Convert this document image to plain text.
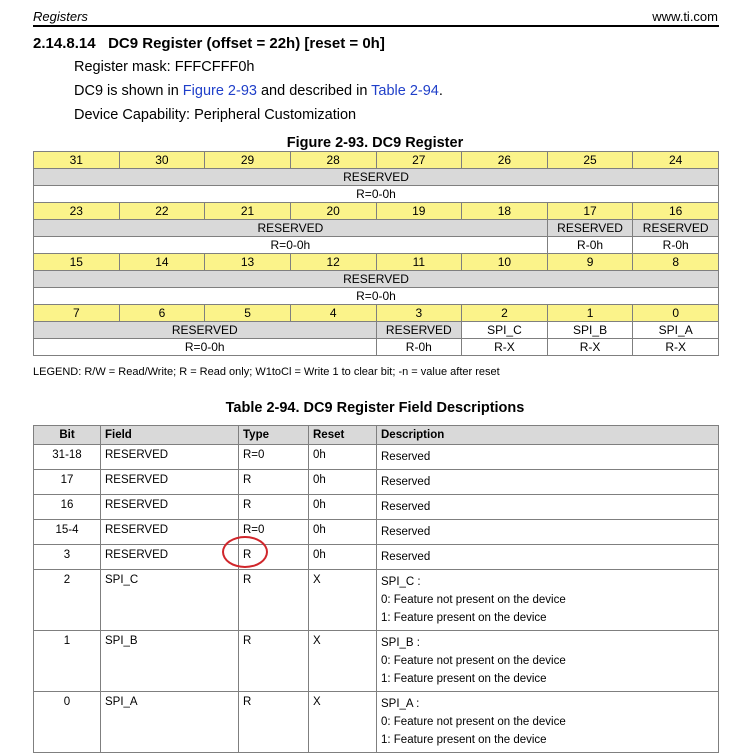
Registers	www.ti.com
2.14.8.14 DC9 Register (offset = 22h) [reset = 0h]
Register mask: FFFCFFF0h
DC9 is shown in Figure 2-93 and described in Table 2-94.
Device Capability: Peripheral Customization
Figure 2-93. DC9 Register
31	30	29	28	27	26	25	24
RESERVED							
R=0-0h							
23	22	21	20	19	18	17	16
RESERVED						RESERVED	RESERVED
R=0-0h						R-0h	R-0h
15	14	13	12	11	10	9	8
RESERVED							
R=0-0h							
7	6	5	4	3	2	1	0
RESERVED				RESERVED	SPI_C	SPI_B	SPI_A
R=0-0h				R-0h	R-X	R-X	R-X
LEGEND: R/W = Read/Write; R = Read only; W1toCl = Write 1 to clear bit; -n = value after reset
Table 2-94. DC9 Register Field Descriptions
Bit	Field	Type	Reset	Description
31-18	RESERVED	R=0	0h	Reserved

17	RESERVED	R	0h	Reserved

16	RESERVED	R	0h	Reserved

15-4	RESERVED	R=0	0h	Reserved

3	RESERVED	R	0h	Reserved

2	SPI_C	R	X	SPI_C :
0: Feature not present on the device
1: Feature present on the device

1	SPI_B	R	X	SPI_B :
0: Feature not present on the device
1: Feature present on the device

0	SPI_A	R	X	SPI_A :
0: Feature not present on the device
1: Feature present on the device
